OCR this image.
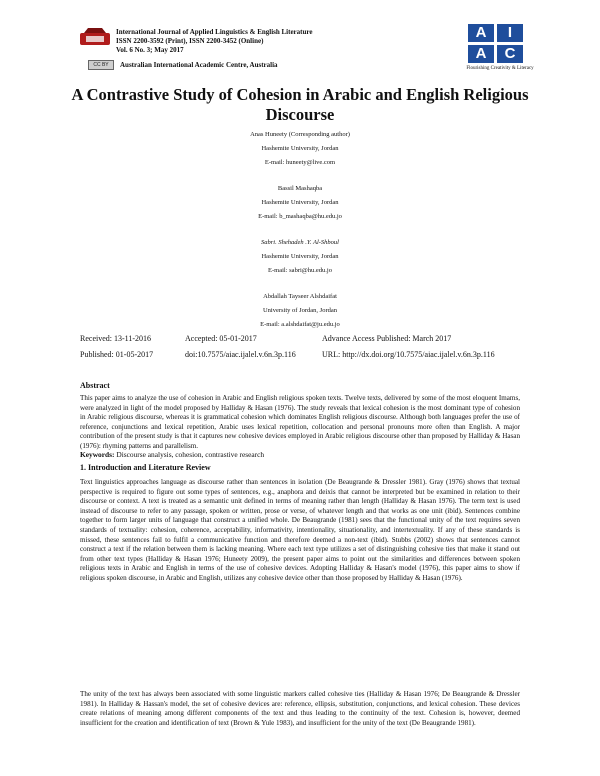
International Journal of Applied Linguistics & English Literature
ISSN 2200-3592 (Print), ISSN 2200-3452 (Online)
Vol. 6 No. 3; May 2017
CC BY	Australian International Academic Centre, Australia
A	I
A	C
Flourishing Creativity & Literacy
A Contrastive Study of Cohesion in Arabic and English Religious Discourse
Anas Huneety (Corresponding author)
Hashemite University, Jordan
E-mail: huneety@live.com
Bassil Mashaqba
Hashemite University, Jordan
E-mail: b_mashaqba@hu.edu.jo
Sabri. Shehadeh .Y. Al-Shboul
Hashemite University, Jordan
E-mail: sabri@hu.edu.jo
Abdallah Tayseer Alshdaifat
University of Jordan, Jordan
E-mail: a.alshdaifat@ju.edu.jo
Received: 13-11-2016	Accepted: 05-01-2017	Advance Access Published: March 2017
Published: 01-05-2017	doi:10.7575/aiac.ijalel.v.6n.3p.116	URL: http://dx.doi.org/10.7575/aiac.ijalel.v.6n.3p.116
Abstract
This paper aims to analyze the use of cohesion in Arabic and English religious spoken texts. Twelve texts, delivered by some of the most eloquent Imams, were analyzed in light of the model proposed by Halliday & Hasan (1976). The study reveals that lexical cohesion is the most dominant type of cohesion in Arabic religious discourse, whereas it is grammatical cohesion which dominates English religious discourse. Although both languages prefer the use of reference, conjunctions and lexical repetition, Arabic uses lexical repetition, collocation and personal pronouns more often than English. A major contribution of the present study is that it captures new cohesive devices employed in Arabic religious discourse other than proposed by Halliday & Hasan (1976): rhyming patterns and parallelism.
Keywords: Discourse analysis, cohesion, contrastive research
1. Introduction and Literature Review
Text linguistics approaches language as discourse rather than sentences in isolation (De Beaugrande & Dressler 1981). Gray (1976) shows that textual perspective is required to figure out some types of sentences, e.g., anaphora and deixis that cannot be interpreted but be examined in relation to their discourse or context. A text is treated as a semantic unit defined in terms of meaning rather than length (Halliday & Hasan 1976). The term text is used instead of discourse to refer to any passage, spoken or written, prose or verse, of whatever length and that works as one unit (ibid). Sentences combine together to form larger units of language that construct a unified whole. De Beaugrande (1981) sees that the functional unity of the text requires seven standards of textuality: cohesion, coherence, acceptability, informativity, intentionality, situationality, and intertextuality. If any of these standards is missed, these sentences fail to fulfil a communicative function and therefore deemed a non-text (ibid). Stubbs (2002) shows that sentences cannot construct a text if the relation between them is lacking meaning. Where each text type utilizes a set of distinguishing cohesive ties that make it stand out from other text types (Halliday & Hasan 1976; Huneety 2009), the present paper aims to point out the similarities and differences between spoken religious texts in Arabic and English in terms of the use of cohesive devices. Adopting Halliday & Hasan's model (1976), this paper aims to show if religious spoken discourse, in Arabic and English, utilizes any cohesive device other than those proposed by Halliday & Hasan (1976).
The unity of the text has always been associated with some linguistic markers called cohesive ties (Halliday & Hasan 1976; De Beaugrande & Dressler 1981). In Halliday & Hassan's model, the set of cohesive devices are: reference, ellipsis, substitution, conjunctions, and lexical cohesion. These devices create relations of meaning among different components of the text and thus leading to the continuity of the text. Cohesion is, however, deemed insufficient for the creation and identification of text (Brown & Yule 1983), and insufficient for the unity of the text (De Beaugrande 1981).
